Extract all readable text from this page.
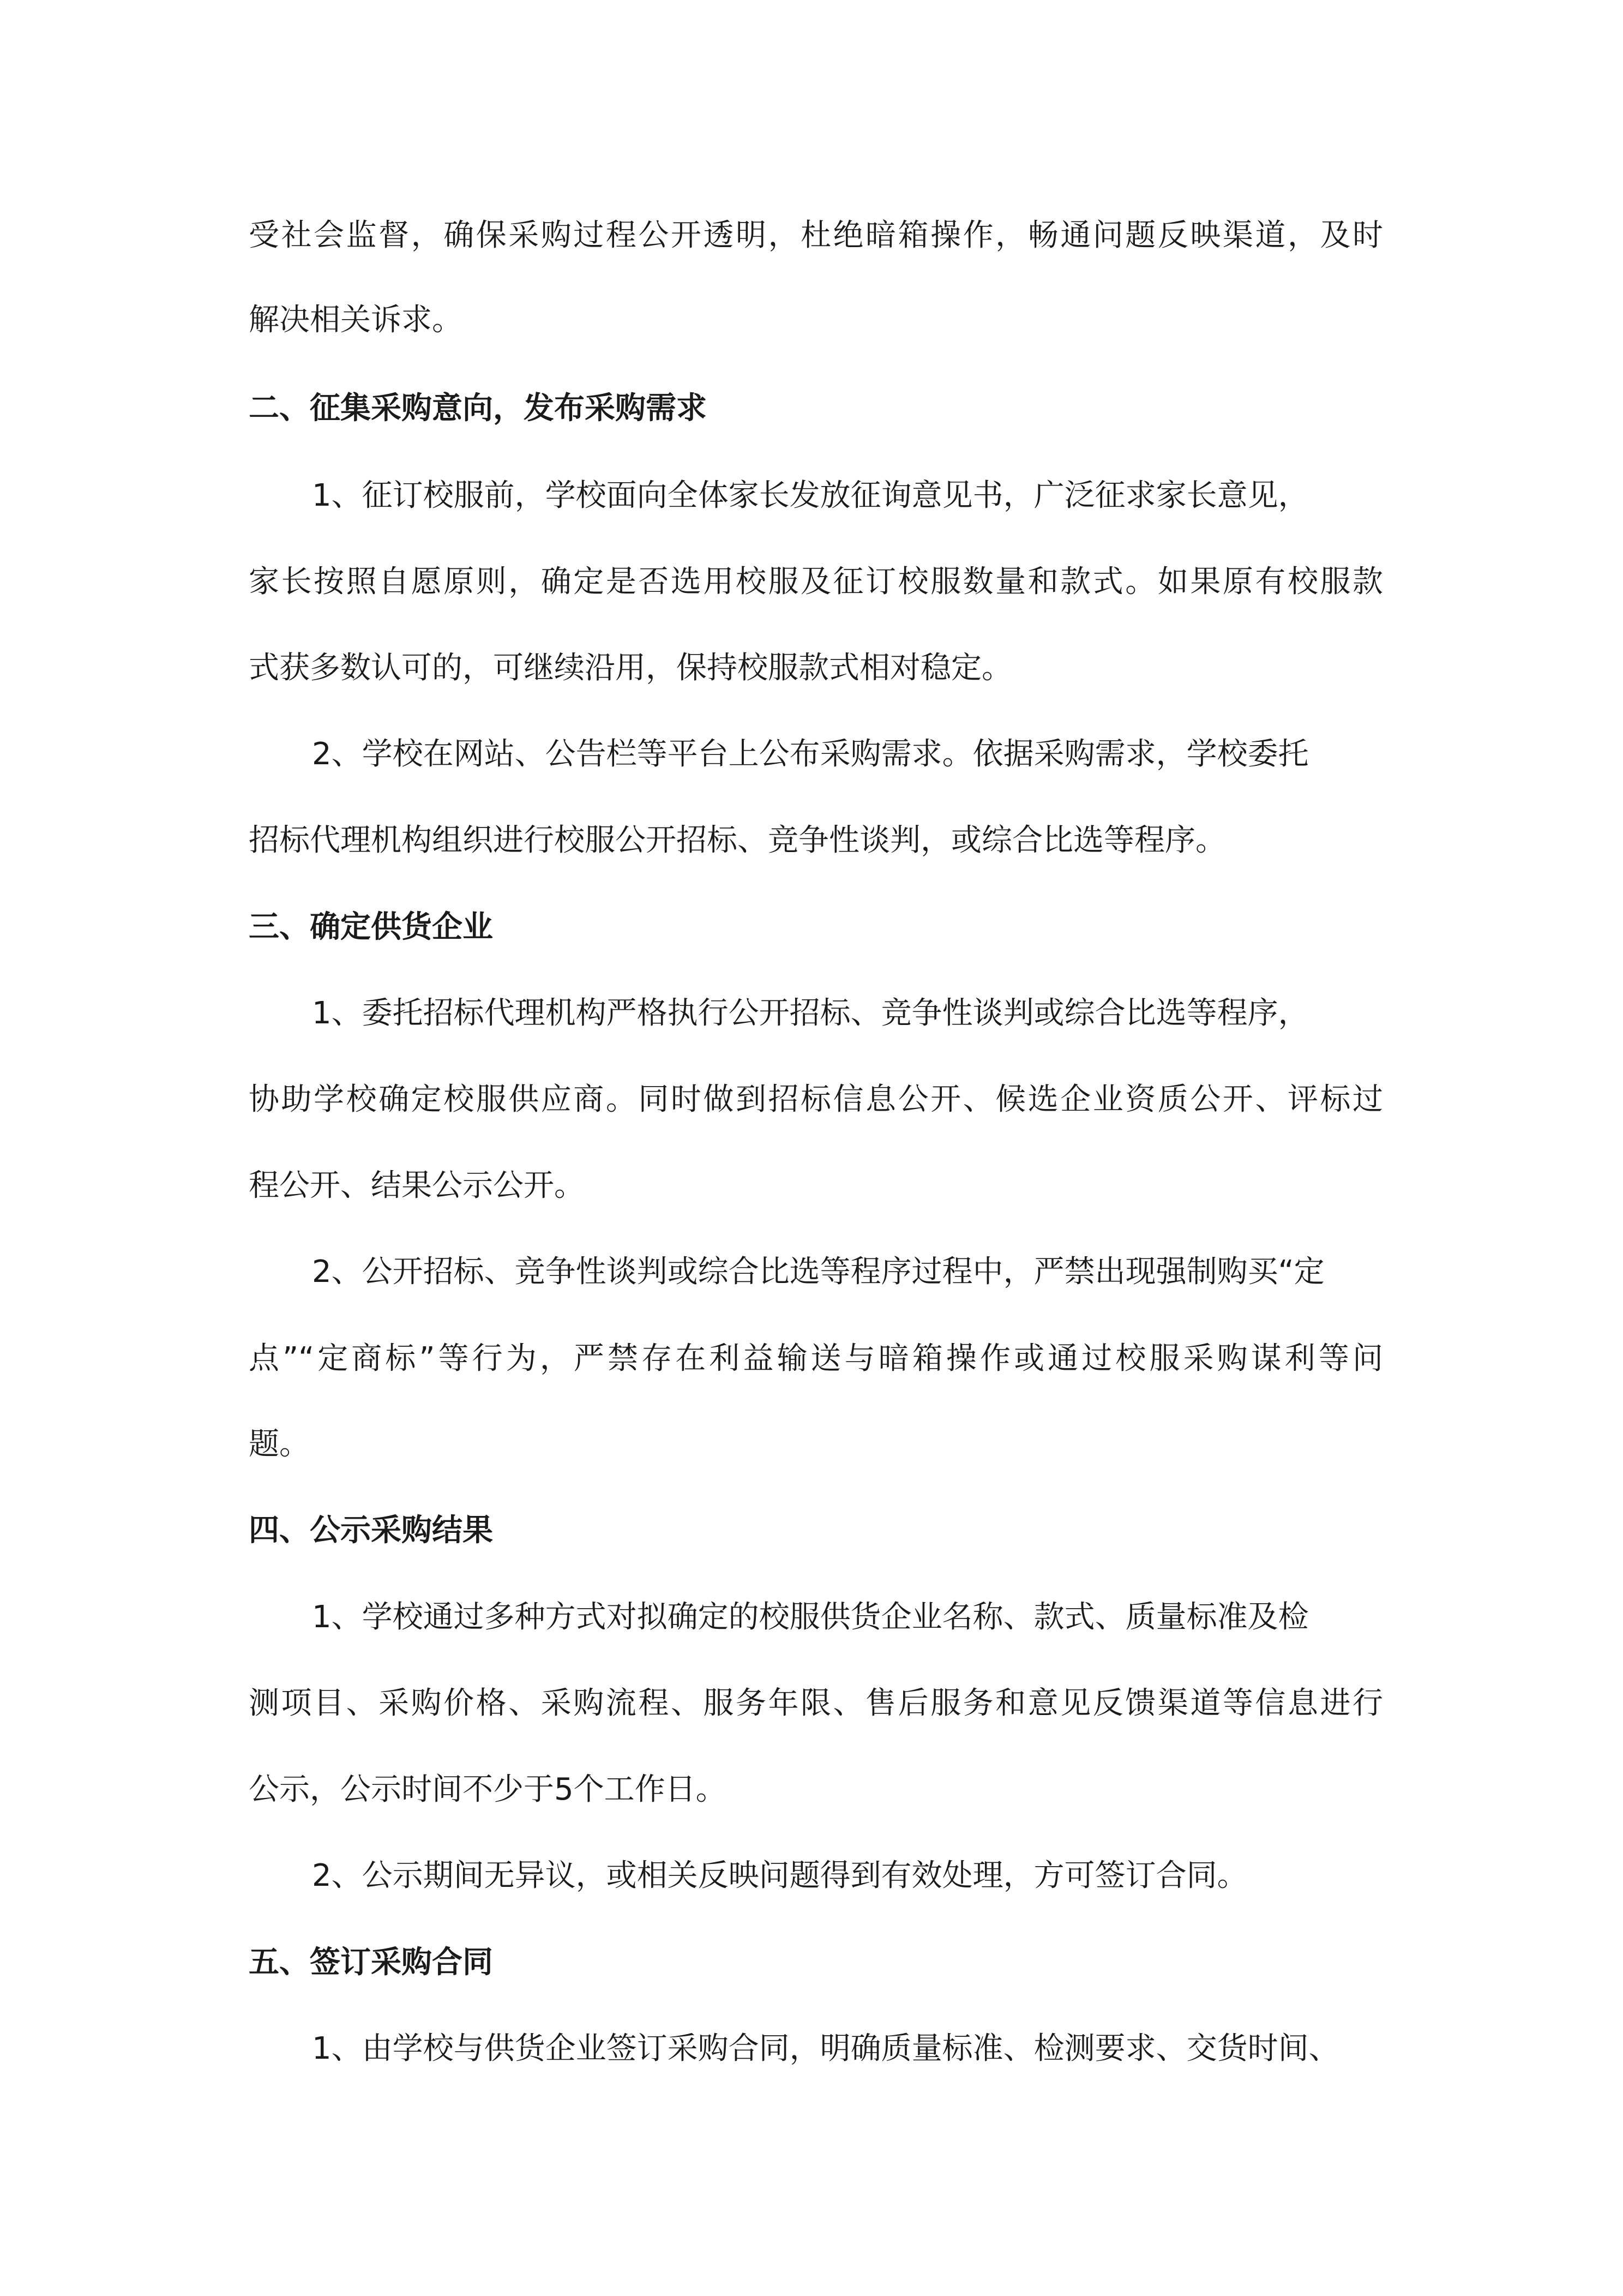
受社会监督，确保采购过程公开透明，杜绝暗箱操作，畅通问题反映渠道，及时
解决相关诉求。
二、征集采购意向，发布采购需求
1、征订校服前，学校面向全体家长发放征询意见书，广泛征求家长意见，
家长按照自愿原则，确定是否选用校服及征订校服数量和款式。如果原有校服款
式获多数认可的，可继续沿用，保持校服款式相对稳定。
2、学校在网站、公告栏等平台上公布采购需求。依据采购需求，学校委托
招标代理机构组织进行校服公开招标、竞争性谈判，或综合比选等程序。
三、确定供货企业
1、委托招标代理机构严格执行公开招标、竞争性谈判或综合比选等程序，
协助学校确定校服供应商。同时做到招标信息公开、候选企业资质公开、评标过
程公开、结果公示公开。
2、公开招标、竞争性谈判或综合比选等程序过程中，严禁出现强制购买“定
点”“定商标”等行为，严禁存在利益输送与暗箱操作或通过校服采购谋利等问
题。
四、公示采购结果
1、学校通过多种方式对拟确定的校服供货企业名称、款式、质量标准及检
测项目、采购价格、采购流程、服务年限、售后服务和意见反馈渠道等信息进行
公示，公示时间不少于5个工作日。
2、公示期间无异议，或相关反映问题得到有效处理，方可签订合同。
五、签订采购合同
1、由学校与供货企业签订采购合同，明确质量标准、检测要求、交货时间、
